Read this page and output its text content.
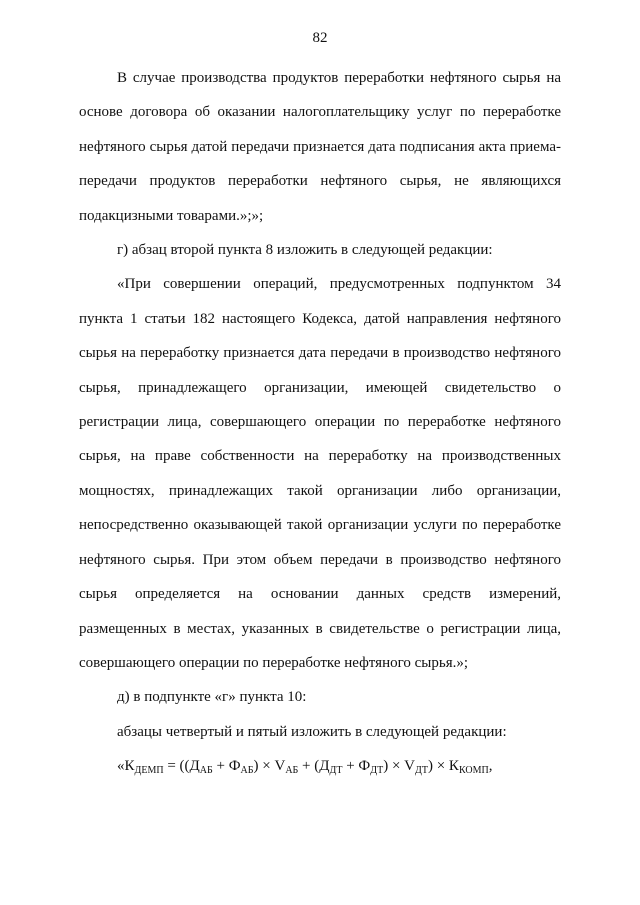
82

В случае производства продуктов переработки нефтяного сырья на основе договора об оказании налогоплательщику услуг по переработке нефтяного сырья датой передачи признается дата подписания акта приема-передачи продуктов переработки нефтяного сырья, не являющихся подакцизными товарами.»;»;

г) абзац второй пункта 8 изложить в следующей редакции:

«При совершении операций, предусмотренных подпунктом 34 пункта 1 статьи 182 настоящего Кодекса, датой направления нефтяного сырья на переработку признается дата передачи в производство нефтяного сырья, принадлежащего организации, имеющей свидетельство о регистрации лица, совершающего операции по переработке нефтяного сырья, на праве собственности на переработку на производственных мощностях, принадлежащих такой организации либо организации, непосредственно оказывающей такой организации услуги по переработке нефтяного сырья. При этом объем передачи в производство нефтяного сырья определяется на основании данных средств измерений, размещенных в местах, указанных в свидетельстве о регистрации лица, совершающего операции по переработке нефтяного сырья.»;

д) в подпункте «г» пункта 10:

абзацы четвертый и пятый изложить в следующей редакции:

«$К_{ДЕМП} = ((Д_{АБ} + Ф_{АБ}) \times V_{АБ} + (Д_{ДТ} + Ф_{ДТ}) \times V_{ДТ}) \times К_{КОМП}$,
